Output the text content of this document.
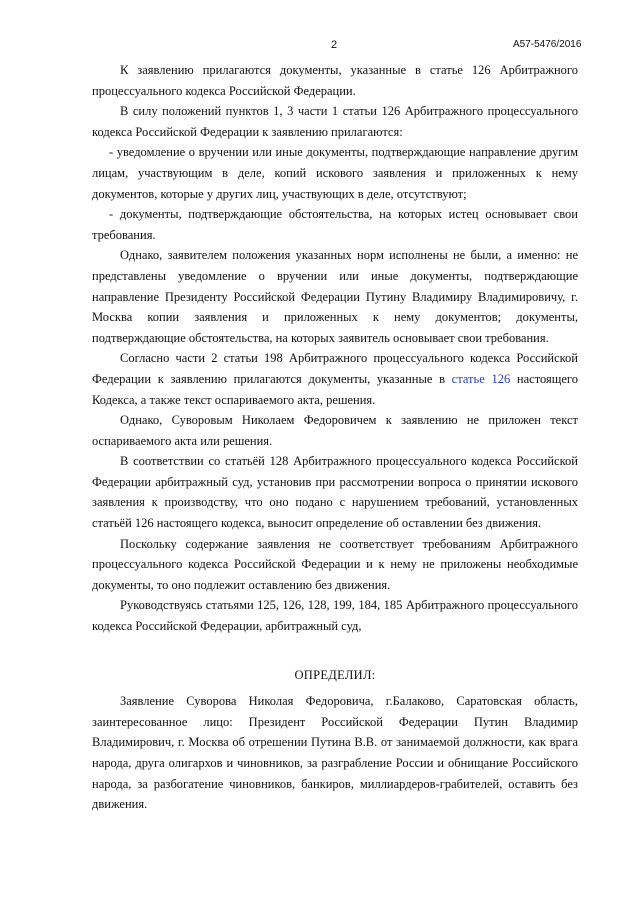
2	А57-5476/2016

К заявлению прилагаются документы, указанные в статье 126 Арбитражного процессуального кодекса Российской Федерации.

В силу положений пунктов 1, 3 части 1 статьи 126 Арбитражного процессуального кодекса Российской Федерации к заявлению прилагаются:

- уведомление о вручении или иные документы, подтверждающие направление другим лицам, участвующим в деле, копий искового заявления и приложенных к нему документов, которые у других лиц, участвующих в деле, отсутствуют;

- документы, подтверждающие обстоятельства, на которых истец основывает свои требования.

Однако, заявителем положения указанных норм исполнены не были, а именно: не представлены уведомление о вручении или иные документы, подтверждающие направление Президенту Российской Федерации Путину Владимиру Владимировичу, г. Москва копии заявления и приложенных к нему документов; документы, подтверждающие обстоятельства, на которых заявитель основывает свои требования.

Согласно части 2 статьи 198 Арбитражного процессуального кодекса Российской Федерации к заявлению прилагаются документы, указанные в статье 126 настоящего Кодекса, а также текст оспариваемого акта, решения.

Однако, Суворовым Николаем Федоровичем к заявлению не приложен текст оспариваемого акта или решения.

В соответствии со статьёй 128 Арбитражного процессуального кодекса Российской Федерации арбитражный суд, установив при рассмотрении вопроса о принятии искового заявления к производству, что оно подано с нарушением требований, установленных статьёй 126 настоящего кодекса, выносит определение об оставлении без движения.

Поскольку содержание заявления не соответствует требованиям Арбитражного процессуального кодекса Российской Федерации и к нему не приложены необходимые документы, то оно подлежит оставлению без движения.

Руководствуясь статьями 125, 126, 128, 199, 184, 185 Арбитражного процессуального кодекса Российской Федерации, арбитражный суд,

ОПРЕДЕЛИЛ:

Заявление Суворова Николая Федоровича, г.Балаково, Саратовская область, заинтересованное лицо: Президент Российской Федерации Путин Владимир Владимирович, г. Москва об отрешении Путина В.В. от занимаемой должности, как врага народа, друга олигархов и чиновников, за разграбление России и обнищание Российского народа, за разбогатение чиновников, банкиров, миллиардеров-грабителей, оставить без движения.
